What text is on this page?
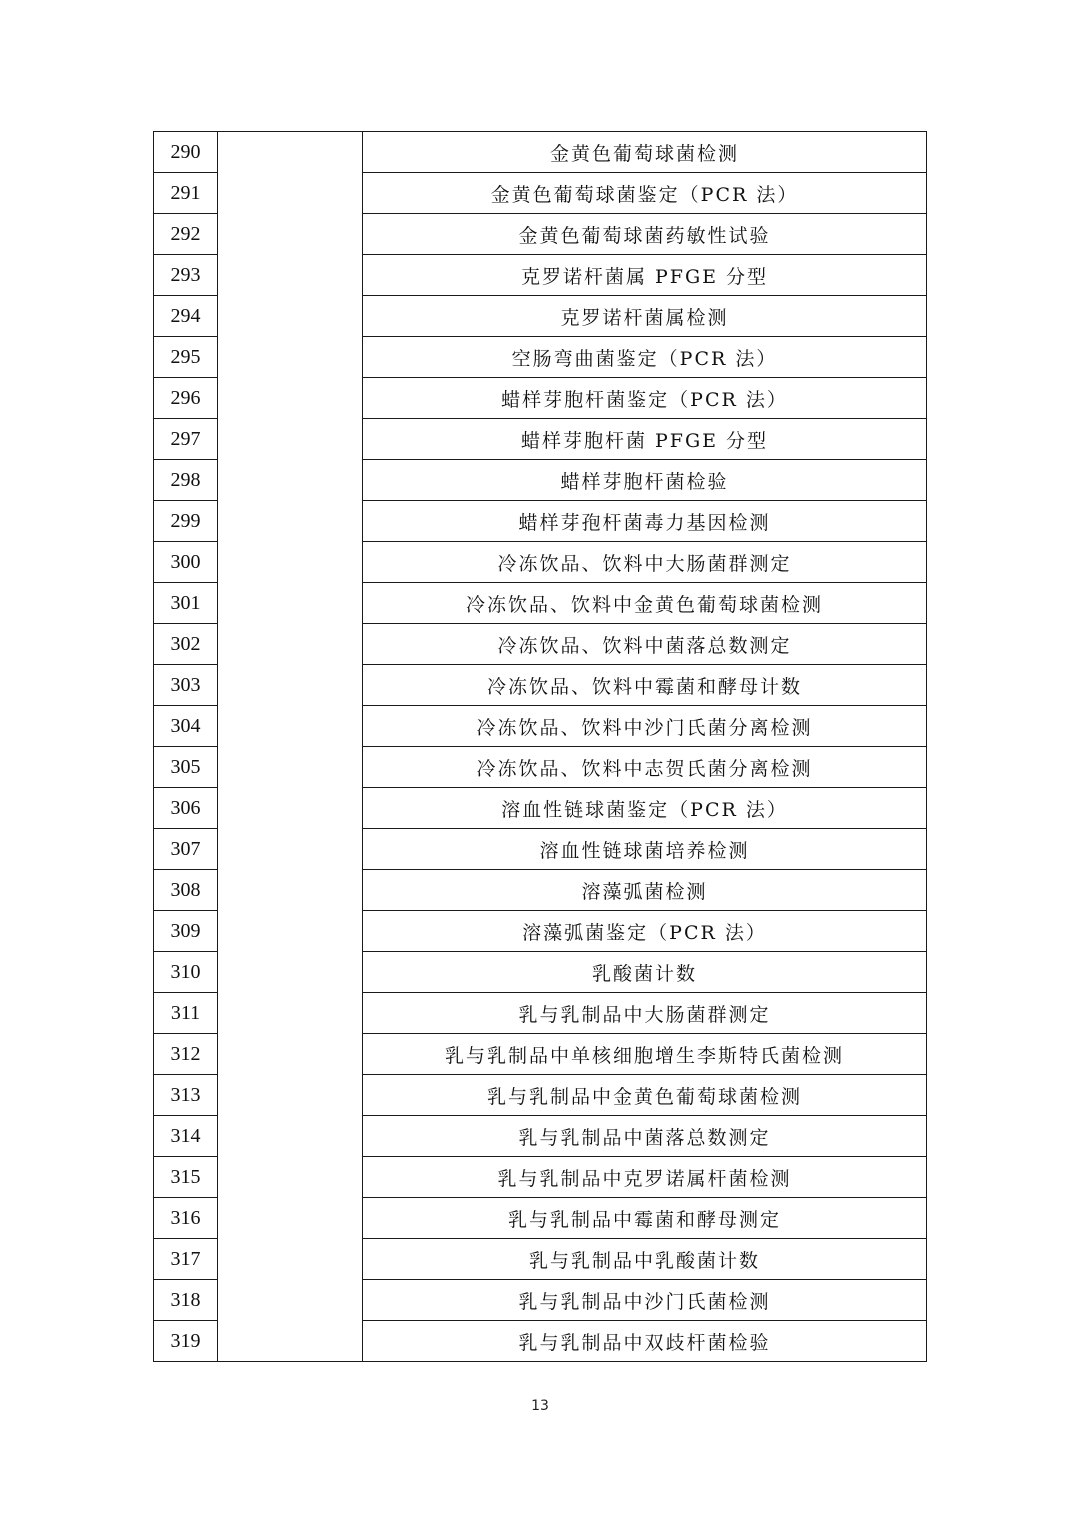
290		金黄色葡萄球菌检测
291		金黄色葡萄球菌鉴定（PCR 法）
292		金黄色葡萄球菌药敏性试验
293		克罗诺杆菌属 PFGE 分型
294		克罗诺杆菌属检测
295		空肠弯曲菌鉴定（PCR 法）
296		蜡样芽胞杆菌鉴定（PCR 法）
297		蜡样芽胞杆菌 PFGE 分型
298		蜡样芽胞杆菌检验
299		蜡样芽孢杆菌毒力基因检测
300		冷冻饮品、饮料中大肠菌群测定
301		冷冻饮品、饮料中金黄色葡萄球菌检测
302		冷冻饮品、饮料中菌落总数测定
303		冷冻饮品、饮料中霉菌和酵母计数
304		冷冻饮品、饮料中沙门氏菌分离检测
305		冷冻饮品、饮料中志贺氏菌分离检测
306		溶血性链球菌鉴定（PCR 法）
307		溶血性链球菌培养检测
308		溶藻弧菌检测
309		溶藻弧菌鉴定（PCR 法）
310		乳酸菌计数
311		乳与乳制品中大肠菌群测定
312		乳与乳制品中单核细胞增生李斯特氏菌检测
313		乳与乳制品中金黄色葡萄球菌检测
314		乳与乳制品中菌落总数测定
315		乳与乳制品中克罗诺属杆菌检测
316		乳与乳制品中霉菌和酵母测定
317		乳与乳制品中乳酸菌计数
318		乳与乳制品中沙门氏菌检测
319		乳与乳制品中双歧杆菌检验
13
